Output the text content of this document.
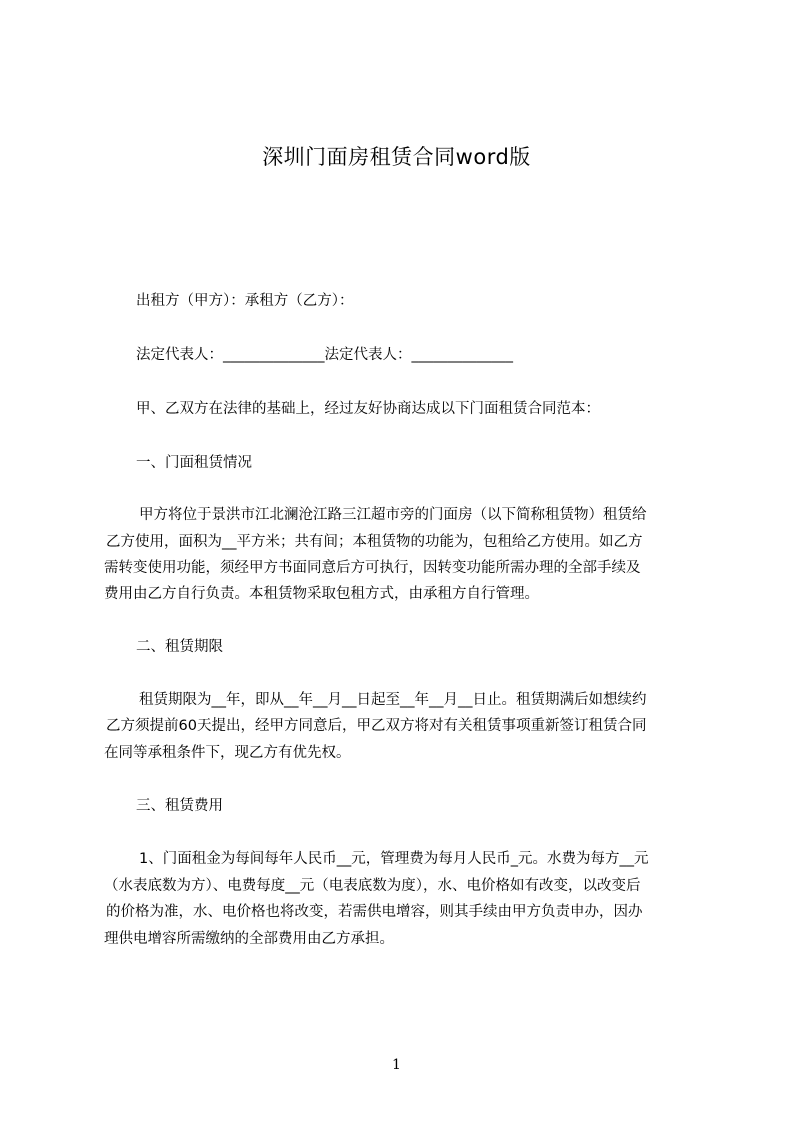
深圳门面房租赁合同word版
出租方（甲方）：承租方（乙方）：
法定代表人：______________法定代表人：______________
甲、乙双方在法律的基础上，经过友好协商达成以下门面租赁合同范本：
一、门面租赁情况
甲方将位于景洪市江北澜沧江路三江超市旁的门面房（以下简称租赁物）租赁给
乙方使用，面积为__平方米；共有间；本租赁物的功能为，包租给乙方使用。如乙方
需转变使用功能，须经甲方书面同意后方可执行，因转变功能所需办理的全部手续及
费用由乙方自行负责。本租赁物采取包租方式，由承租方自行管理。
二、租赁期限
租赁期限为__年，即从__年__月__日起至__年__月__日止。租赁期满后如想续约
乙方须提前60天提出，经甲方同意后，甲乙双方将对有关租赁事项重新签订租赁合同
在同等承租条件下，现乙方有优先权。
三、租赁费用
1、门面租金为每间每年人民币__元，管理费为每月人民币_元。水费为每方__元
（水表底数为方）、电费每度__元（电表底数为度），水、电价格如有改变，以改变后
的价格为准，水、电价格也将改变，若需供电增容，则其手续由甲方负责申办，因办
理供电增容所需缴纳的全部费用由乙方承担。
1
